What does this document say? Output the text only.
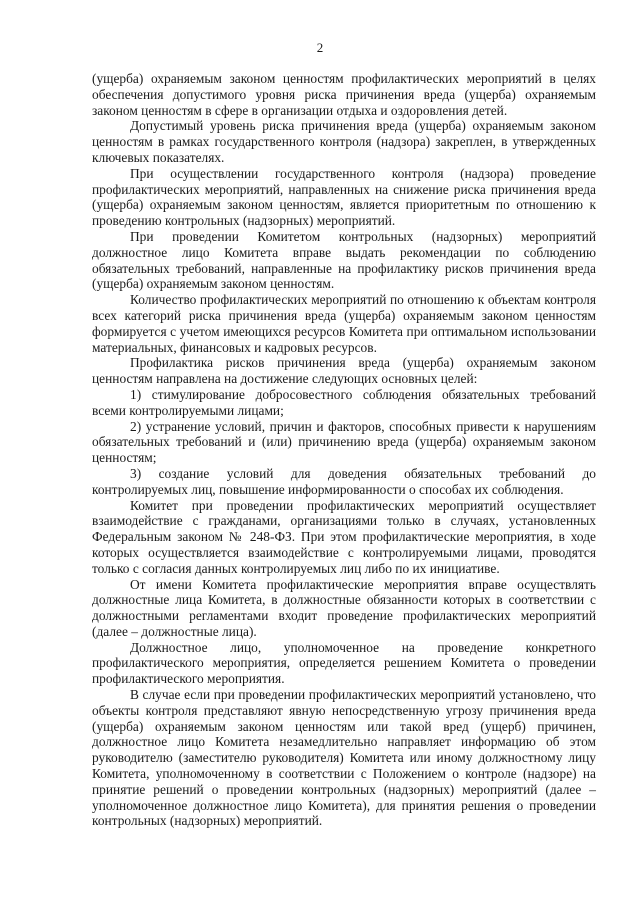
2

(ущерба) охраняемым законом ценностям профилактических мероприятий в целях обеспечения допустимого уровня риска причинения вреда (ущерба) охраняемым законом ценностям в сфере в организации отдыха и оздоровления детей.

Допустимый уровень риска причинения вреда (ущерба) охраняемым законом ценностям в рамках государственного контроля (надзора) закреплен, в утвержденных ключевых показателях.

При осуществлении государственного контроля (надзора) проведение профилактических мероприятий, направленных на снижение риска причинения вреда (ущерба) охраняемым законом ценностям, является приоритетным по отношению к проведению контрольных (надзорных) мероприятий.

При проведении Комитетом контрольных (надзорных) мероприятий должностное лицо Комитета вправе выдать рекомендации по соблюдению обязательных требований, направленные на профилактику рисков причинения вреда (ущерба) охраняемым законом ценностям.

Количество профилактических мероприятий по отношению к объектам контроля всех категорий риска причинения вреда (ущерба) охраняемым законом ценностям формируется с учетом имеющихся ресурсов Комитета при оптимальном использовании материальных, финансовых и кадровых ресурсов.

Профилактика рисков причинения вреда (ущерба) охраняемым законом ценностям направлена на достижение следующих основных целей:

1) стимулирование добросовестного соблюдения обязательных требований всеми контролируемыми лицами;

2) устранение условий, причин и факторов, способных привести к нарушениям обязательных требований и (или) причинению вреда (ущерба) охраняемым законом ценностям;

3) создание условий для доведения обязательных требований до контролируемых лиц, повышение информированности о способах их соблюдения.

Комитет при проведении профилактических мероприятий осуществляет взаимодействие с гражданами, организациями только в случаях, установленных Федеральным законом № 248-ФЗ. При этом профилактические мероприятия, в ходе которых осуществляется взаимодействие с контролируемыми лицами, проводятся только с согласия данных контролируемых лиц либо по их инициативе.

От имени Комитета профилактические мероприятия вправе осуществлять должностные лица Комитета, в должностные обязанности которых в соответствии с должностными регламентами входит проведение профилактических мероприятий (далее – должностные лица).

Должностное лицо, уполномоченное на проведение конкретного профилактического мероприятия, определяется решением Комитета о проведении профилактического мероприятия.

В случае если при проведении профилактических мероприятий установлено, что объекты контроля представляют явную непосредственную угрозу причинения вреда (ущерба) охраняемым законом ценностям или такой вред (ущерб) причинен, должностное лицо Комитета незамедлительно направляет информацию об этом руководителю (заместителю руководителя) Комитета или иному должностному лицу Комитета, уполномоченному в соответствии с Положением о контроле (надзоре) на принятие решений о проведении контрольных (надзорных) мероприятий (далее – уполномоченное должностное лицо Комитета), для принятия решения о проведении контрольных (надзорных) мероприятий.
